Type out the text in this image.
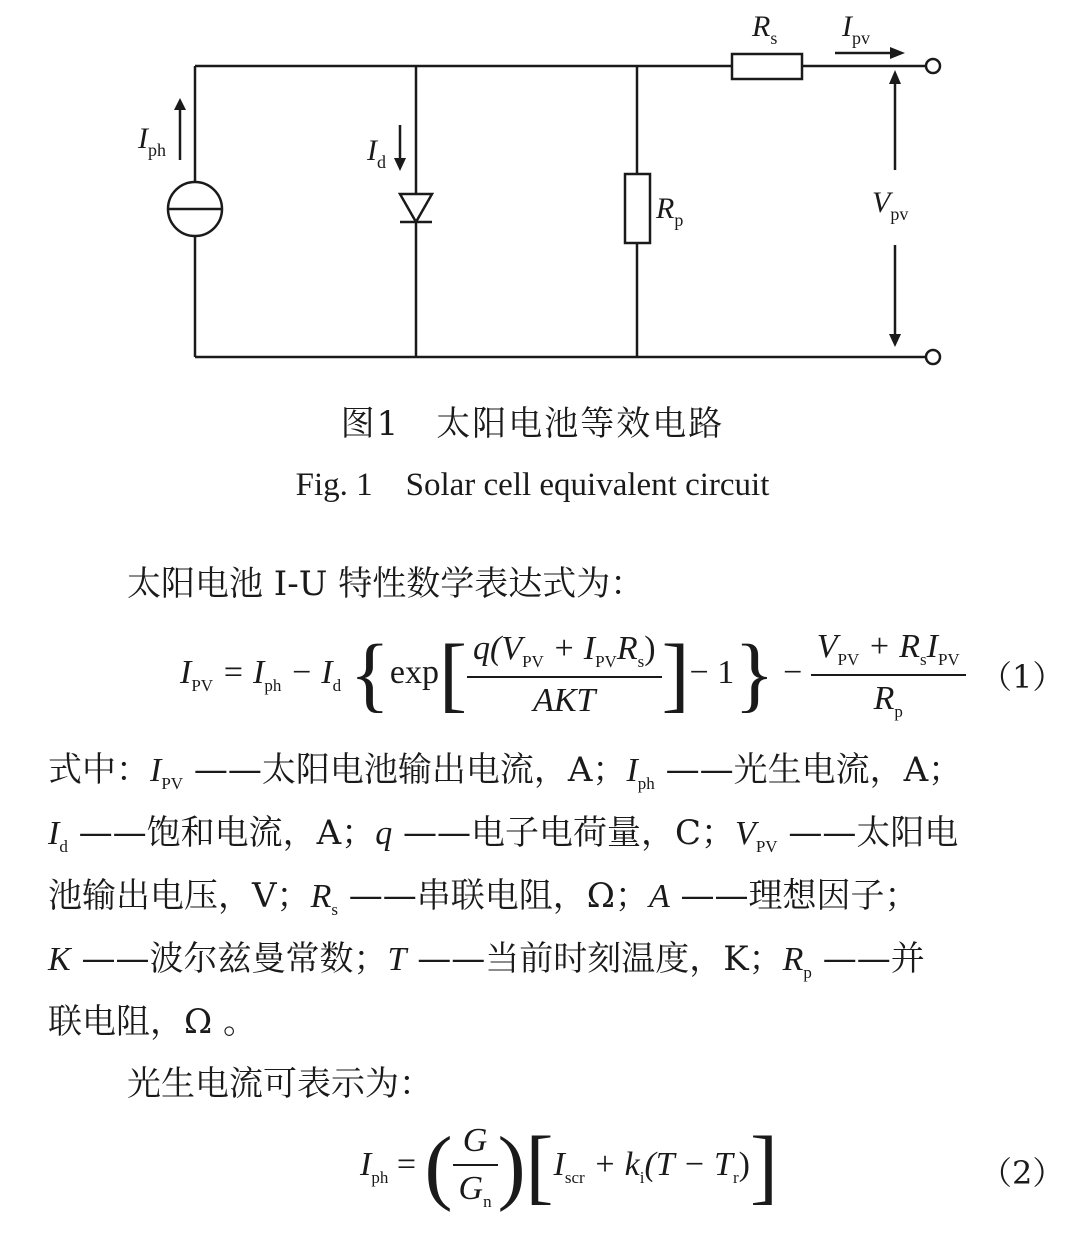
$I_{ph}$	$I_d$
$R_p$
$R_s$ $I_{pv}$
$V_{pv}$
图1　太阳电池等效电路
Fig. 1　Solar cell equivalent circuit
太阳电池 I-U 特性数学表达式为：
$I_{PV} = I_{ph} - I_d$ {$\exp[ \frac{q(V_{PV} + I_{PV}R_s)}{\text{AKT}}$ ]− $1\} - \frac{V_{PV} + R_sI_{PV}}{R_p} (1)$
式中：$I_{PV}$ ——太阳电池输出电流，A；$I_{ph}$ ——光生电流，A；
$I_d$ ——饱和电流，A；q ——电子电荷量，C；$V_{PV}$ ——太阳电
池输出电压，V；$R_s$ ——串联电阻，Ω；A ——理想因子；
K ——波尔兹曼常数；T ——当前时刻温度，K；$R_p$ ——并
联电阻，Ω 。
光生电流可表示为：
$I_{ph}$ = ( $\frac{G}{G_n} )[I_{scr} + k_i(T - T_r)]$	（2）
